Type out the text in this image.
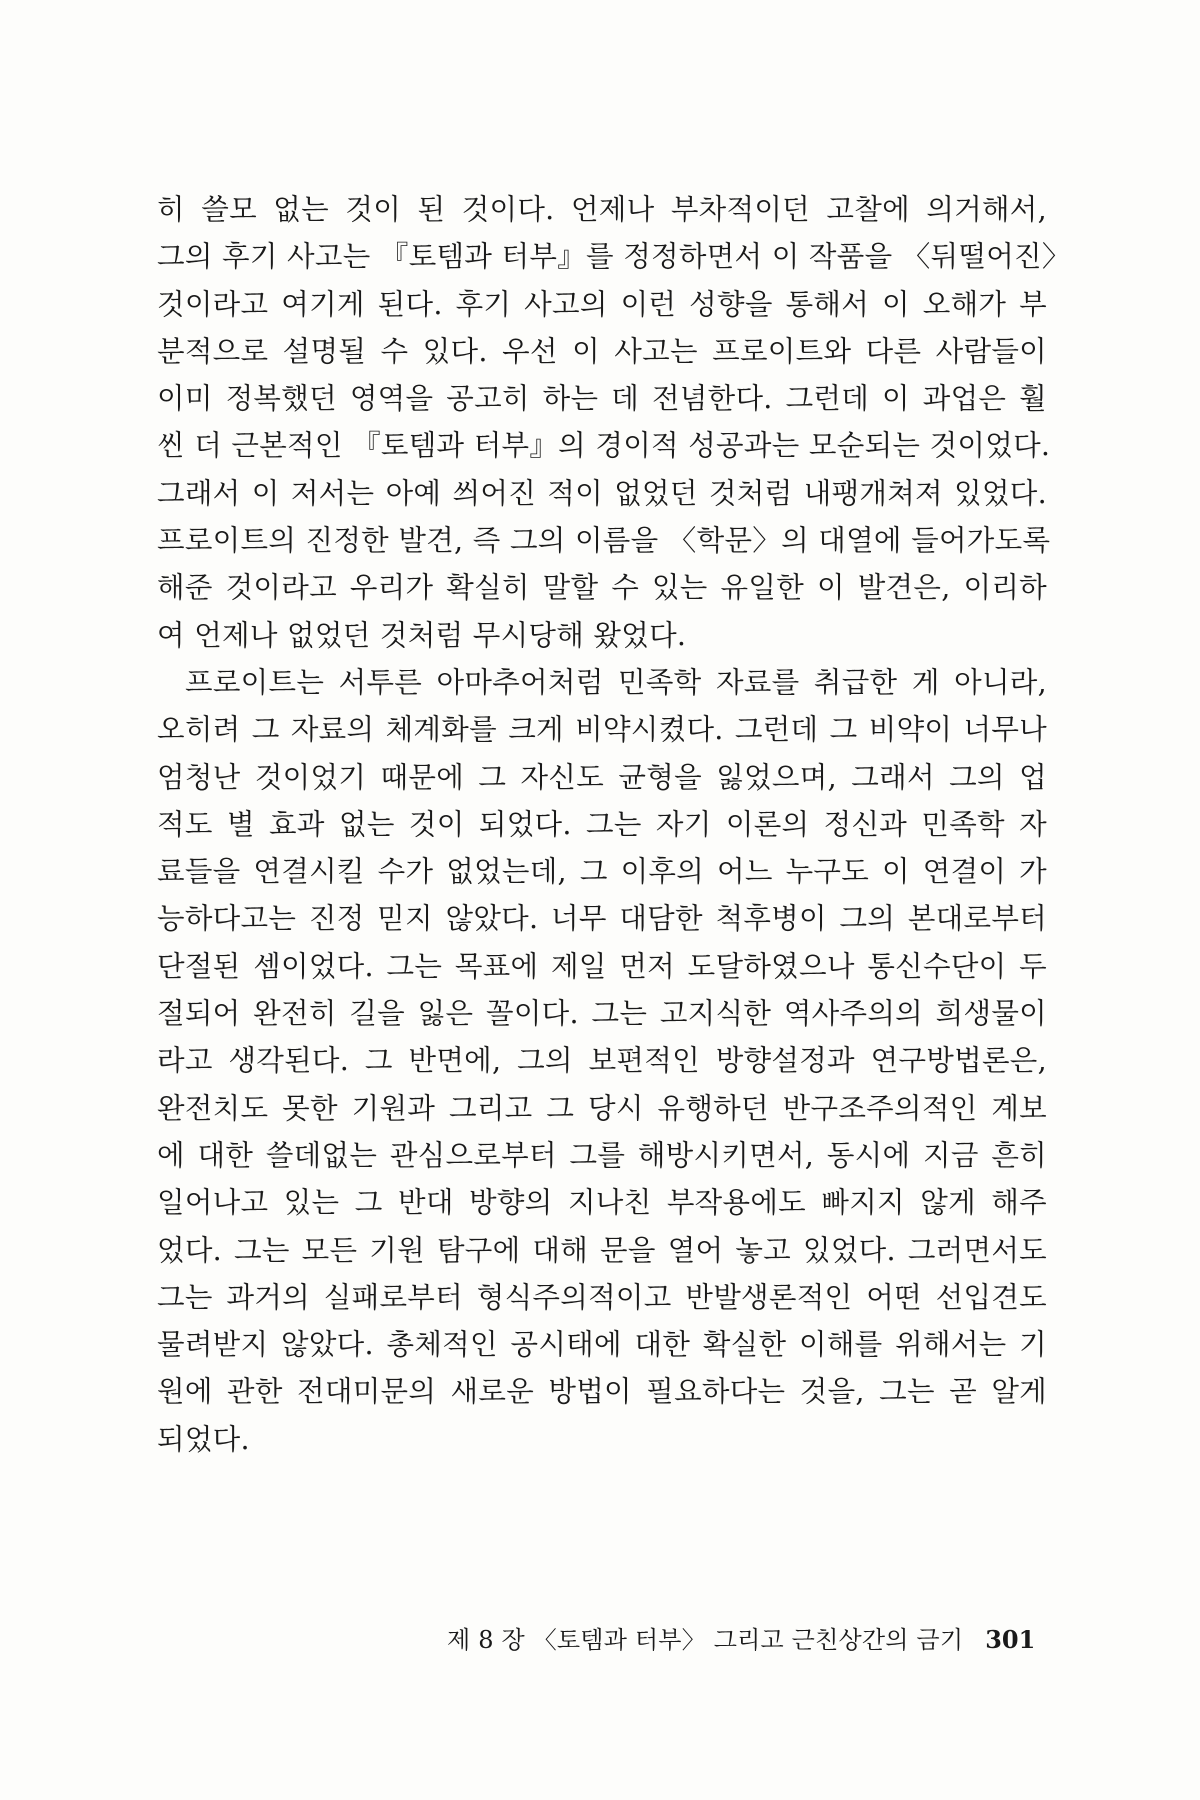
히 쓸모 없는 것이 된 것이다. 언제나 부차적이던 고찰에 의거해서,
그의 후기 사고는 『토템과 터부』를 정정하면서 이 작품을 〈뒤떨어진〉
것이라고 여기게 된다. 후기 사고의 이런 성향을 통해서 이 오해가 부
분적으로 설명될 수 있다. 우선 이 사고는 프로이트와 다른 사람들이
이미 정복했던 영역을 공고히 하는 데 전념한다. 그런데 이 과업은 훨
씬 더 근본적인 『토템과 터부』의 경이적 성공과는 모순되는 것이었다.
그래서 이 저서는 아예 씌어진 적이 없었던 것처럼 내팽개쳐져 있었다.
프로이트의 진정한 발견, 즉 그의 이름을 〈학문〉의 대열에 들어가도록
해준 것이라고 우리가 확실히 말할 수 있는 유일한 이 발견은, 이리하
여 언제나 없었던 것처럼 무시당해 왔었다.
프로이트는 서투른 아마추어처럼 민족학 자료를 취급한 게 아니라,
오히려 그 자료의 체계화를 크게 비약시켰다. 그런데 그 비약이 너무나
엄청난 것이었기 때문에 그 자신도 균형을 잃었으며, 그래서 그의 업
적도 별 효과 없는 것이 되었다. 그는 자기 이론의 정신과 민족학 자
료들을 연결시킬 수가 없었는데, 그 이후의 어느 누구도 이 연결이 가
능하다고는 진정 믿지 않았다. 너무 대담한 척후병이 그의 본대로부터
단절된 셈이었다. 그는 목표에 제일 먼저 도달하였으나 통신수단이 두
절되어 완전히 길을 잃은 꼴이다. 그는 고지식한 역사주의의 희생물이
라고 생각된다. 그 반면에, 그의 보편적인 방향설정과 연구방법론은,
완전치도 못한 기원과 그리고 그 당시 유행하던 반구조주의적인 계보
에 대한 쓸데없는 관심으로부터 그를 해방시키면서, 동시에 지금 흔히
일어나고 있는 그 반대 방향의 지나친 부작용에도 빠지지 않게 해주
었다. 그는 모든 기원 탐구에 대해 문을 열어 놓고 있었다. 그러면서도
그는 과거의 실패로부터 형식주의적이고 반발생론적인 어떤 선입견도
물려받지 않았다. 총체적인 공시태에 대한 확실한 이해를 위해서는 기
원에 관한 전대미문의 새로운 방법이 필요하다는 것을, 그는 곧 알게
되었다.
제 8 장 〈토템과 터부〉 그리고 근친상간의 금기 301
